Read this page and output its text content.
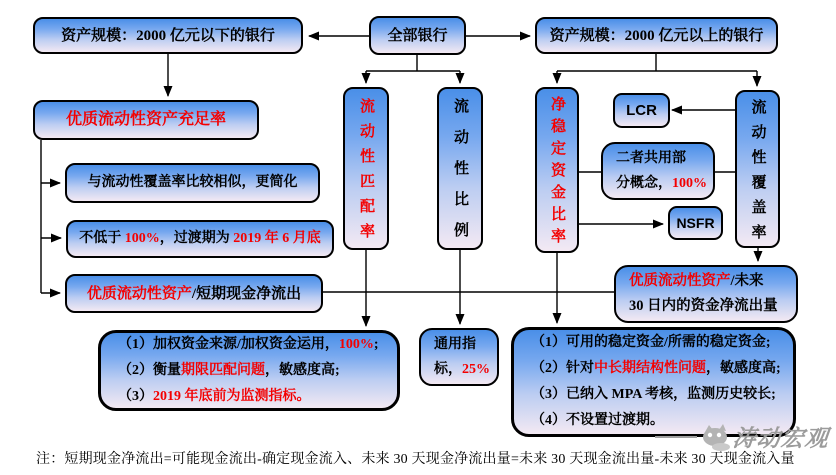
资产规模：2000 亿元以下的银行	全部银行	资产规模：2000 亿元以上的银行
优质流动性资产充足率
与流动性覆盖率比较相似，更简化
不低于 100%，过渡期为 2019 年 6 月底
优质流动性资产/短期现金净流出
流动性匹配率	流动性比例	净稳定资金比率	流动性覆盖率
LCR
二者共用部
分概念，100%
NSFR
优质流动性资产/未来
30 日内的资金净流出量
通用指
标，25%
（1）加权资金来源/加权资金运用，100%;
（2）衡量期限匹配问题，敏感度高;
（3）2019 年底前为监测指标。
（1）可用的稳定资金/所需的稳定资金;
（2）针对中长期结构性问题，敏感度高;
（3）已纳入 MPA 考核，监测历史较长;
（4）不设置过渡期。
涛动宏观
注：短期现金净流出=可能现金流出-确定现金流入、未来 30 天现金净流出量=未来 30 天现金流出量-未来 30 天现金流入量
